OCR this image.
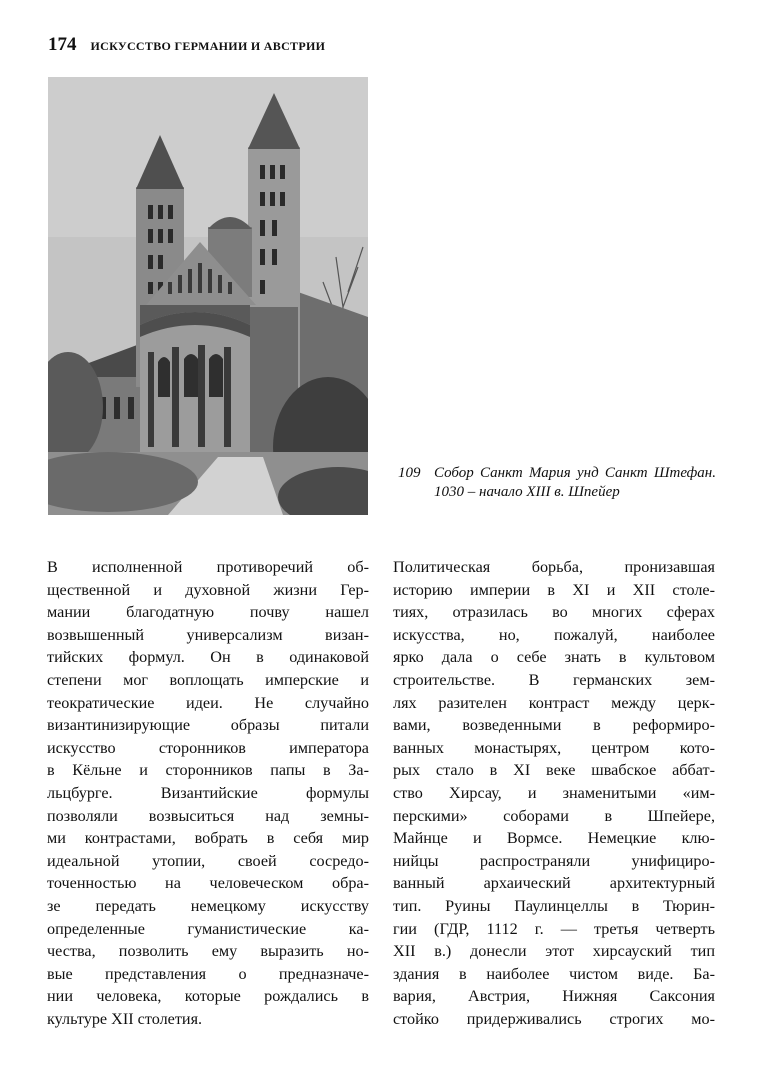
174 ИСКУССТВО ГЕРМАНИИ И АВСТРИИ
109 Собор Санкт Мария унд Санкт Штефан. 1030 – начало XIII в. Шпейер
В исполненной противоречий об-
щественной и духовной жизни Гер-
мании благодатную почву нашел
возвышенный универсализм визан-
тийских формул. Он в одинаковой
степени мог воплощать имперские и
теократические идеи. Не случайно
византинизирующие образы питали
искусство сторонников императора
в Кёльне и сторонников папы в За-
льцбурге. Византийские формулы
позволяли возвыситься над земны-
ми контрастами, вобрать в себя мир
идеальной утопии, своей сосредо-
точенностью на человеческом обра-
зе передать немецкому искусству
определенные гуманистические ка-
чества, позволить ему выразить но-
вые представления о предназначе-
нии человека, которые рождались в
культуре XII столетия.
Политическая борьба, пронизавшая
историю империи в XI и XII столе-
тиях, отразилась во многих сферах
искусства, но, пожалуй, наиболее
ярко дала о себе знать в культовом
строительстве. В германских зем-
лях разителен контраст между церк-
вами, возведенными в реформиро-
ванных монастырях, центром кото-
рых стало в XI веке швабское аббат-
ство Хирсау, и знаменитыми «им-
перскими» соборами в Шпейере,
Майнце и Вормсе. Немецкие клю-
нийцы распространяли унифициро-
ванный архаический архитектурный
тип. Руины Паулинцеллы в Тюрин-
гии (ГДР, 1112 г. — третья четверть
XII в.) донесли этот хирсауский тип
здания в наиболее чистом виде. Ба-
вария, Австрия, Нижняя Саксония
стойко придерживались строгих мо-
